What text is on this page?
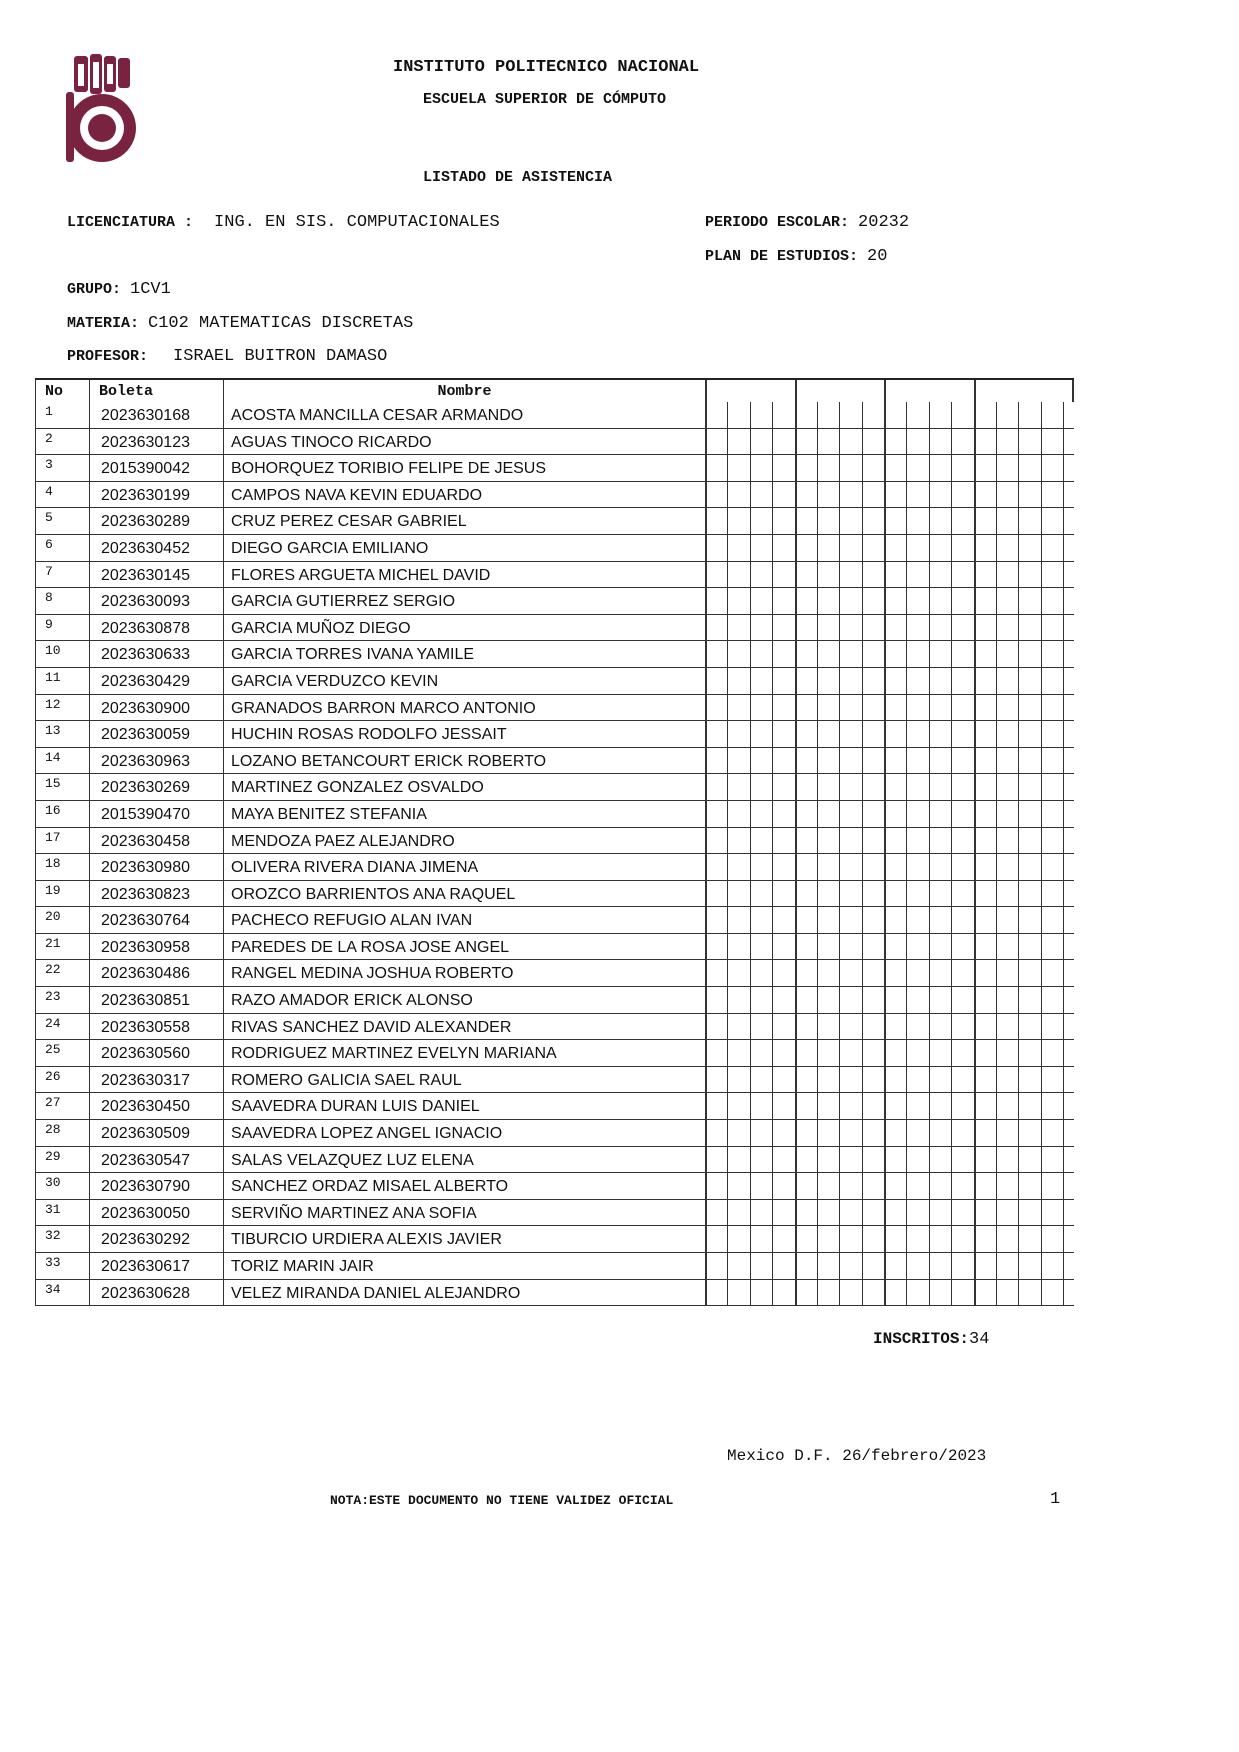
INSTITUTO POLITECNICO NACIONAL
ESCUELA SUPERIOR DE CÓMPUTO
LISTADO DE ASISTENCIA
LICENCIATURA : ING. EN SIS. COMPUTACIONALES	PERIODO ESCOLAR: 20232
PLAN DE ESTUDIOS: 20
GRUPO: 1CV1
MATERIA: C102 MATEMATICAS DISCRETAS
PROFESOR: ISRAEL BUITRON DAMASO
No Boleta	Nombre
1	2023630168	ACOSTA MANCILLA CESAR ARMANDO
2	2023630123	AGUAS TINOCO RICARDO
3	2015390042	BOHORQUEZ TORIBIO FELIPE DE JESUS
4	2023630199	CAMPOS NAVA KEVIN EDUARDO
5	2023630289	CRUZ PEREZ CESAR GABRIEL
6	2023630452	DIEGO GARCIA EMILIANO
7	2023630145	FLORES ARGUETA MICHEL DAVID
8	2023630093	GARCIA GUTIERREZ SERGIO
9	2023630878	GARCIA MUÑOZ DIEGO
10	2023630633	GARCIA TORRES IVANA YAMILE
11	2023630429	GARCIA VERDUZCO KEVIN
12	2023630900	GRANADOS BARRON MARCO ANTONIO
13	2023630059	HUCHIN ROSAS RODOLFO JESSAIT
14	2023630963	LOZANO BETANCOURT ERICK ROBERTO
15	2023630269	MARTINEZ GONZALEZ OSVALDO
16	2015390470	MAYA BENITEZ STEFANIA
17	2023630458	MENDOZA PAEZ ALEJANDRO
18	2023630980	OLIVERA RIVERA DIANA JIMENA
19	2023630823	OROZCO BARRIENTOS ANA RAQUEL
20	2023630764	PACHECO REFUGIO ALAN IVAN
21	2023630958	PAREDES DE LA ROSA JOSE ANGEL
22	2023630486	RANGEL MEDINA JOSHUA ROBERTO
23	2023630851	RAZO AMADOR ERICK ALONSO
24	2023630558	RIVAS SANCHEZ DAVID ALEXANDER
25	2023630560	RODRIGUEZ MARTINEZ EVELYN MARIANA
26	2023630317	ROMERO GALICIA SAEL RAUL
27	2023630450	SAAVEDRA DURAN LUIS DANIEL
28	2023630509	SAAVEDRA LOPEZ ANGEL IGNACIO
29	2023630547	SALAS VELAZQUEZ LUZ ELENA
30	2023630790	SANCHEZ ORDAZ MISAEL ALBERTO
31	2023630050	SERVIÑO MARTINEZ ANA SOFIA
32	2023630292	TIBURCIO URDIERA ALEXIS JAVIER
33	2023630617	TORIZ MARIN JAIR
34	2023630628	VELEZ MIRANDA DANIEL ALEJANDRO
INSCRITOS:34
Mexico D.F. 26/febrero/2023
NOTA:ESTE DOCUMENTO NO TIENE VALIDEZ OFICIAL	1
